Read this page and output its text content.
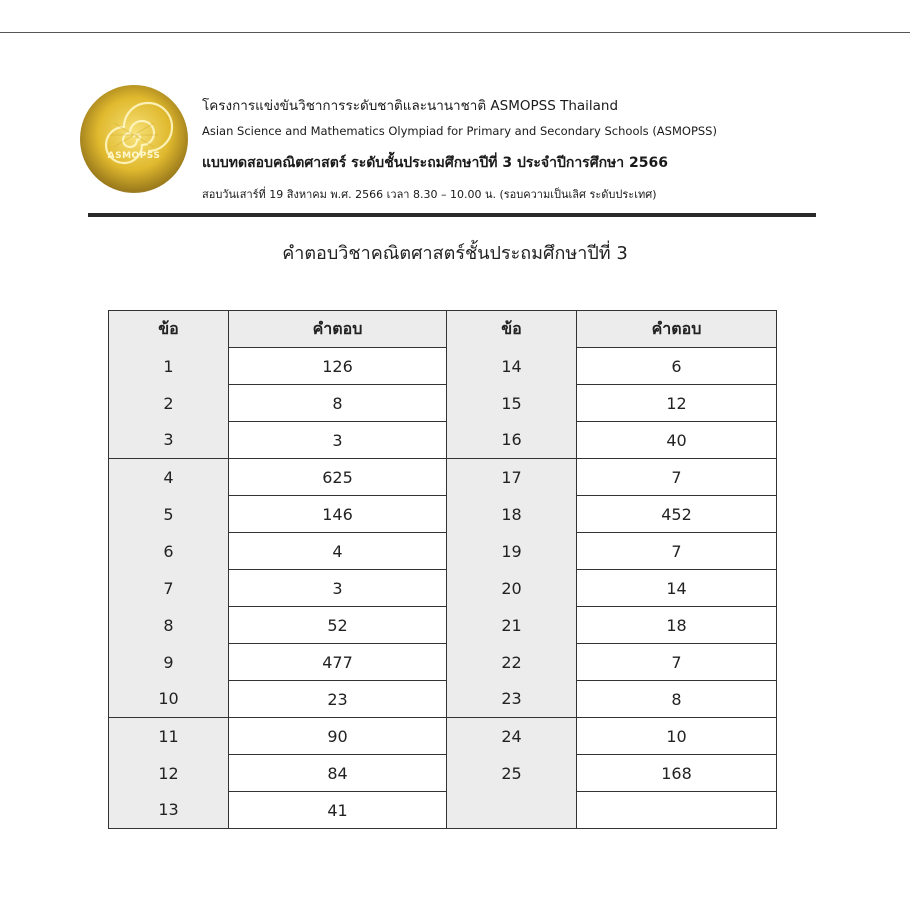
ASMOPSS
โครงการแข่งขันวิชาการระดับชาติและนานาชาติ ASMOPSS Thailand
Asian Science and Mathematics Olympiad for Primary and Secondary Schools (ASMOPSS)
แบบทดสอบคณิตศาสตร์ ระดับชั้นประถมศึกษาปีที่ 3 ประจำปีการศึกษา 2566
สอบวันเสาร์ที่ 19 สิงหาคม พ.ศ. 2566 เวลา 8.30 – 10.00 น. (รอบความเป็นเลิศ ระดับประเทศ)
คำตอบวิชาคณิตศาสตร์ชั้นประถมศึกษาปีที่ 3
ข้อ	คำตอบ	ข้อ	คำตอบ
1	126	14	6
2	8	15	12
3	3	16	40
4	625	17	7
5	146	18	452
6	4	19	7
7	3	20	14
8	52	21	18
9	477	22	7
10	23	23	8
11	90	24	10
12	84	25	168
13	41		
